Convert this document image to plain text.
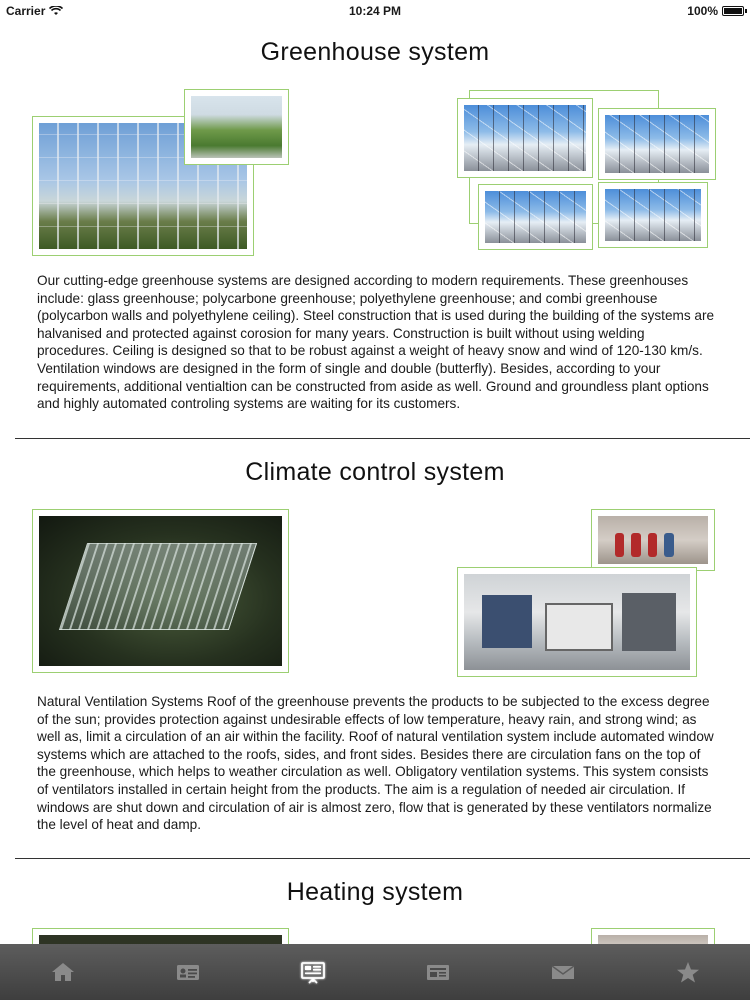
Carrier	10:24 PM	100%
Greenhouse system

Our cutting-edge greenhouse systems are designed according to modern requirements. These greenhouses include: glass greenhouse; polycarbone greenhouse; polyethylene greenhouse; and combi greenhouse (polycarbon walls and polyethylene ceiling). Steel construction that is used during the building of the systems are halvanised and protected against corosion for many years. Construction is built without using welding procedures. Ceiling is designed so that to be robust against a weight of heavy snow and wind of 120-130 km/s. Ventilation windows are designed in the form of single and double (butterfly). Besides, according to your requirements, additional ventialtion can be constructed from aside as well. Ground and groundless plant options and highly automated controling systems are waiting for its customers.

Climate control system

Natural Ventilation Systems Roof of the greenhouse prevents the products to be subjected to the excess degree of the sun; provides protection against undesirable effects of low temperature, heavy rain, and strong wind; as well as, limit a circulation of an air within the facility. Roof of natural ventilation system include automated window systems which are attached to the roofs, sides, and front sides. Besides there are circulation fans on the top of the greenhouse, which helps to weather circulation as well. Obligatory ventilation systems. This system consists of ventilators installed in certain height from the products. The aim is a regulation of needed air circulation. If windows are shut down and circulation of air is almost zero, flow that is generated by these ventilators normalize the level of heat and damp.

Heating system
